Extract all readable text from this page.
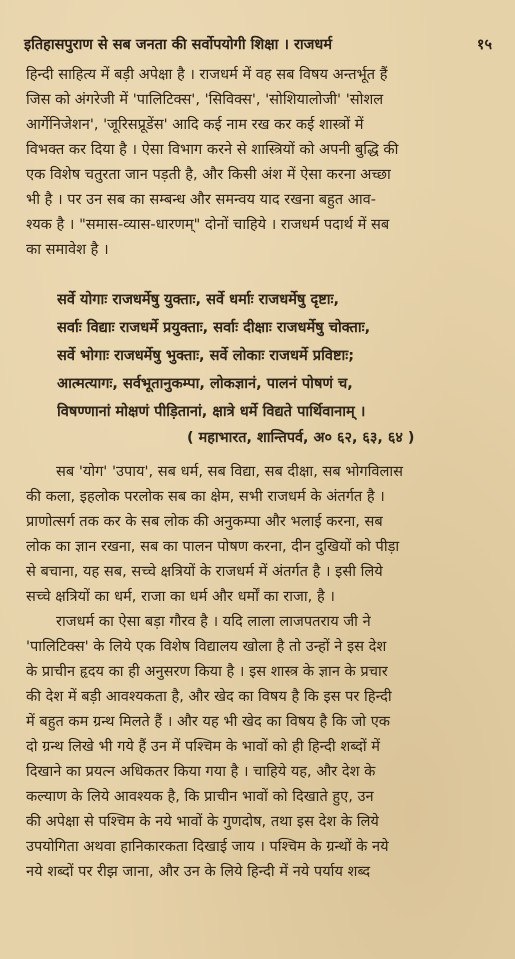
इतिहासपुराण से सब जनता की सर्वोपयोगी शिक्षा । राजधर्म	१५
हिन्दी साहित्य में बड़ी अपेक्षा है । राजधर्म में वह सब विषय अन्तर्भूत हैं
जिस को अंगरेजी में 'पालिटिक्स', 'सिविक्स', 'सोशियालोजी' 'सोशल
आर्गेनिजेशन', 'जूरिसप्रूडेंस' आदि कई नाम रख कर कई शास्त्रों में
विभक्त कर दिया है । ऐसा विभाग करने से शास्त्रियों को अपनी बुद्धि की
एक विशेष चतुरता जान पड़ती है, और किसी अंश में ऐसा करना अच्छा
भी है । पर उन सब का सम्बन्ध और समन्वय याद रखना बहुत आव-
श्यक है । "समास-व्यास-धारणम्" दोनों चाहिये । राजधर्म पदार्थ में सब
का समावेश है ।
सर्वे योगाः राजधर्मेषु युक्ताः, सर्वे धर्माः राजधर्मेषु दृष्टाः,
सर्वाः विद्याः राजधर्मे प्रयुक्ताः, सर्वाः दीक्षाः राजधर्मेषु चोक्ताः,
सर्वे भोगाः राजधर्मेषु भुक्ताः, सर्वे लोकाः राजधर्मे प्रविष्टाः;
आत्मत्यागः, सर्वभूतानुकम्पा, लोकज्ञानं, पालनं पोषणं च,
विषण्णानां मोक्षणं पीड़ितानां, क्षात्रे धर्मे विद्यते पार्थिवानाम् ।
( महाभारत, शान्तिपर्व, अ० ६२, ६३, ६४ )
सब 'योग' 'उपाय', सब धर्म, सब विद्या, सब दीक्षा, सब भोगविलास
की कला, इहलोक परलोक सब का क्षेम, सभी राजधर्म के अंतर्गत है ।
प्राणोत्सर्ग तक कर के सब लोक की अनुकम्पा और भलाई करना, सब
लोक का ज्ञान रखना, सब का पालन पोषण करना, दीन दुखियों को पीड़ा
से बचाना, यह सब, सच्चे क्षत्रियों के राजधर्म में अंतर्गत है । इसी लिये
सच्चे क्षत्रियों का धर्म, राजा का धर्म और धर्मों का राजा, है ।
राजधर्म का ऐसा बड़ा गौरव है । यदि लाला लाजपतराय जी ने
'पालिटिक्स' के लिये एक विशेष विद्यालय खोला है तो उन्हों ने इस देश
के प्राचीन हृदय का ही अनुसरण किया है । इस शास्त्र के ज्ञान के प्रचार
की देश में बड़ी आवश्यकता है, और खेद का विषय है कि इस पर हिन्दी
में बहुत कम ग्रन्थ मिलते हैं । और यह भी खेद का विषय है कि जो एक
दो ग्रन्थ लिखे भी गये हैं उन में पश्चिम के भावों को ही हिन्दी शब्दों में
दिखाने का प्रयत्न अधिकतर किया गया है । चाहिये यह, और देश के
कल्याण के लिये आवश्यक है, कि प्राचीन भावों को दिखाते हुए, उन
की अपेक्षा से पश्चिम के नये भावों के गुणदोष, तथा इस देश के लिये
उपयोगिता अथवा हानिकारकता दिखाई जाय । पश्चिम के ग्रन्थों के नये
नये शब्दों पर रीझ जाना, और उन के लिये हिन्दी में नये पर्याय शब्द
